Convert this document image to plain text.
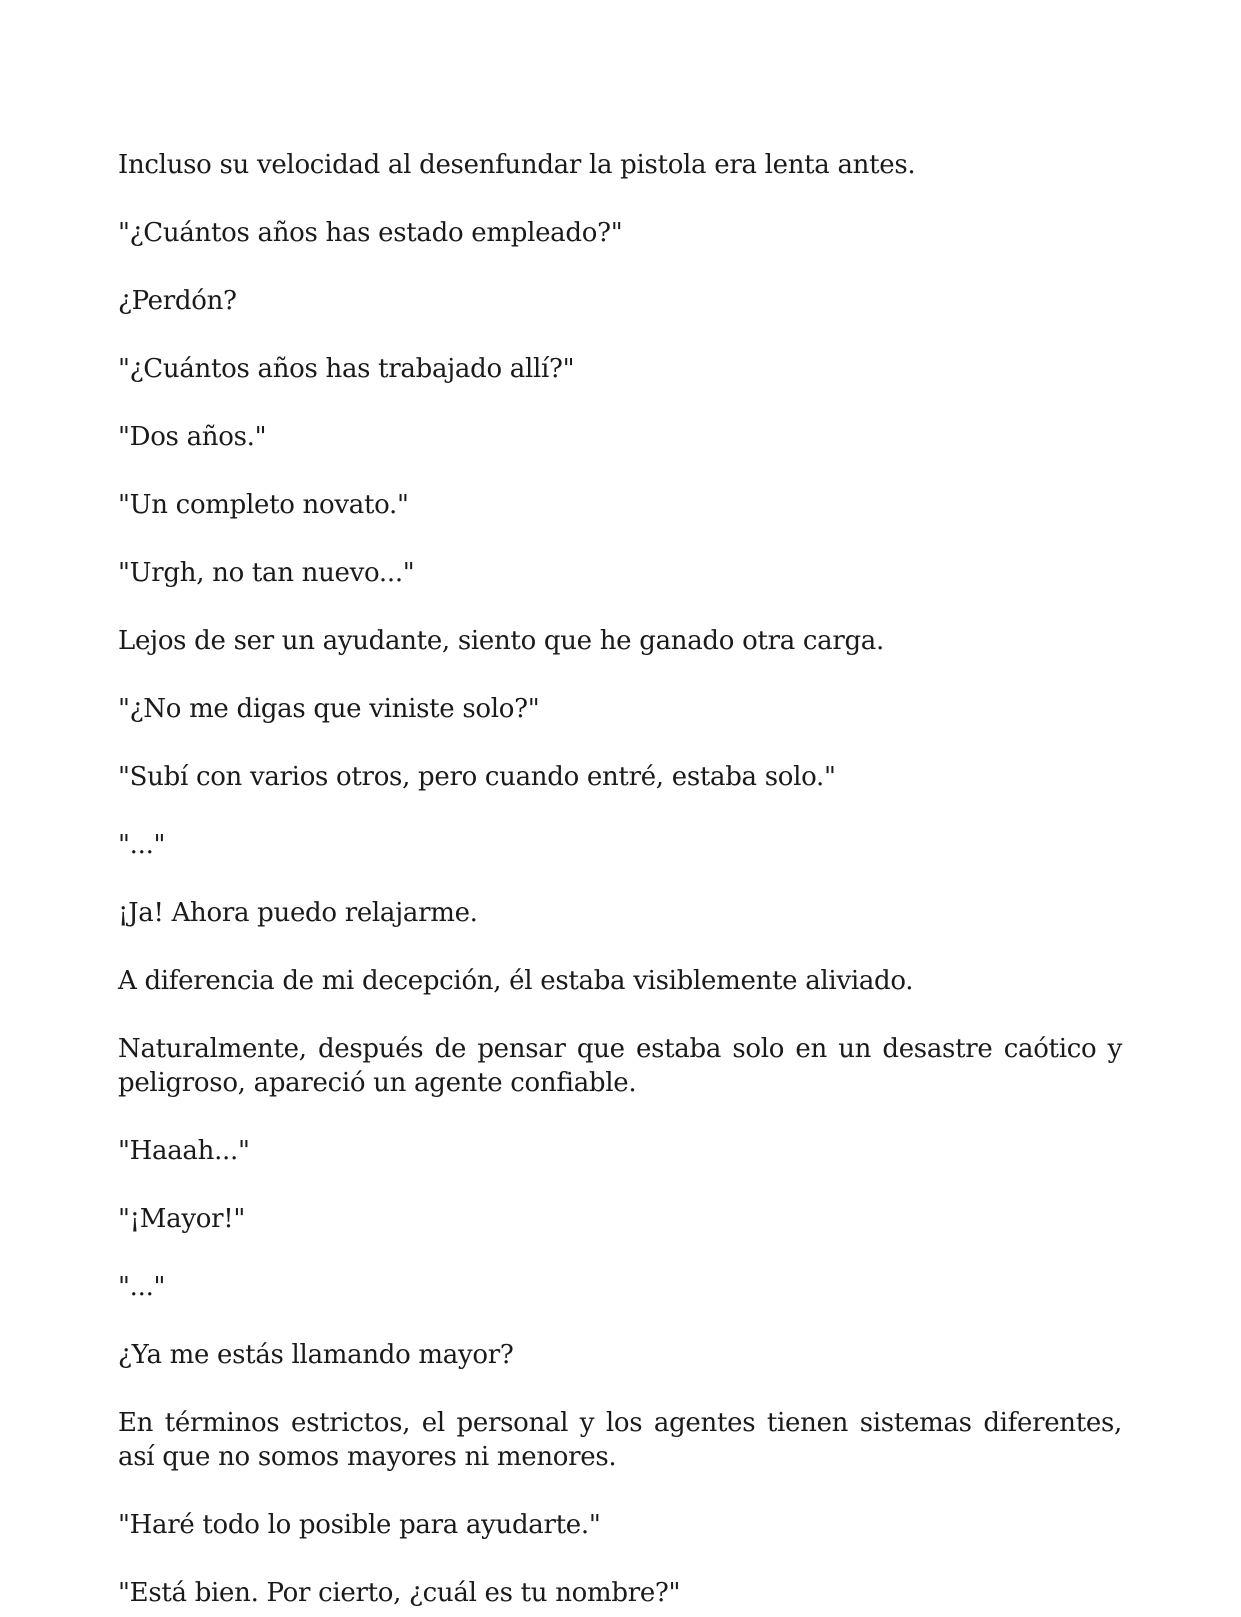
Incluso su velocidad al desenfundar la pistola era lenta antes.

"¿Cuántos años has estado empleado?"

¿Perdón?

"¿Cuántos años has trabajado allí?"

"Dos años."

"Un completo novato."

"Urgh, no tan nuevo..."

Lejos de ser un ayudante, siento que he ganado otra carga.

"¿No me digas que viniste solo?"

"Subí con varios otros, pero cuando entré, estaba solo."

"..."

¡Ja! Ahora puedo relajarme.

A diferencia de mi decepción, él estaba visiblemente aliviado.

Naturalmente, después de pensar que estaba solo en un desastre caótico y peligroso, apareció un agente confiable.

"Haaah..."

"¡Mayor!"

"..."

¿Ya me estás llamando mayor?

En términos estrictos, el personal y los agentes tienen sistemas diferentes, así que no somos mayores ni menores.

"Haré todo lo posible para ayudarte."

"Está bien. Por cierto, ¿cuál es tu nombre?"
